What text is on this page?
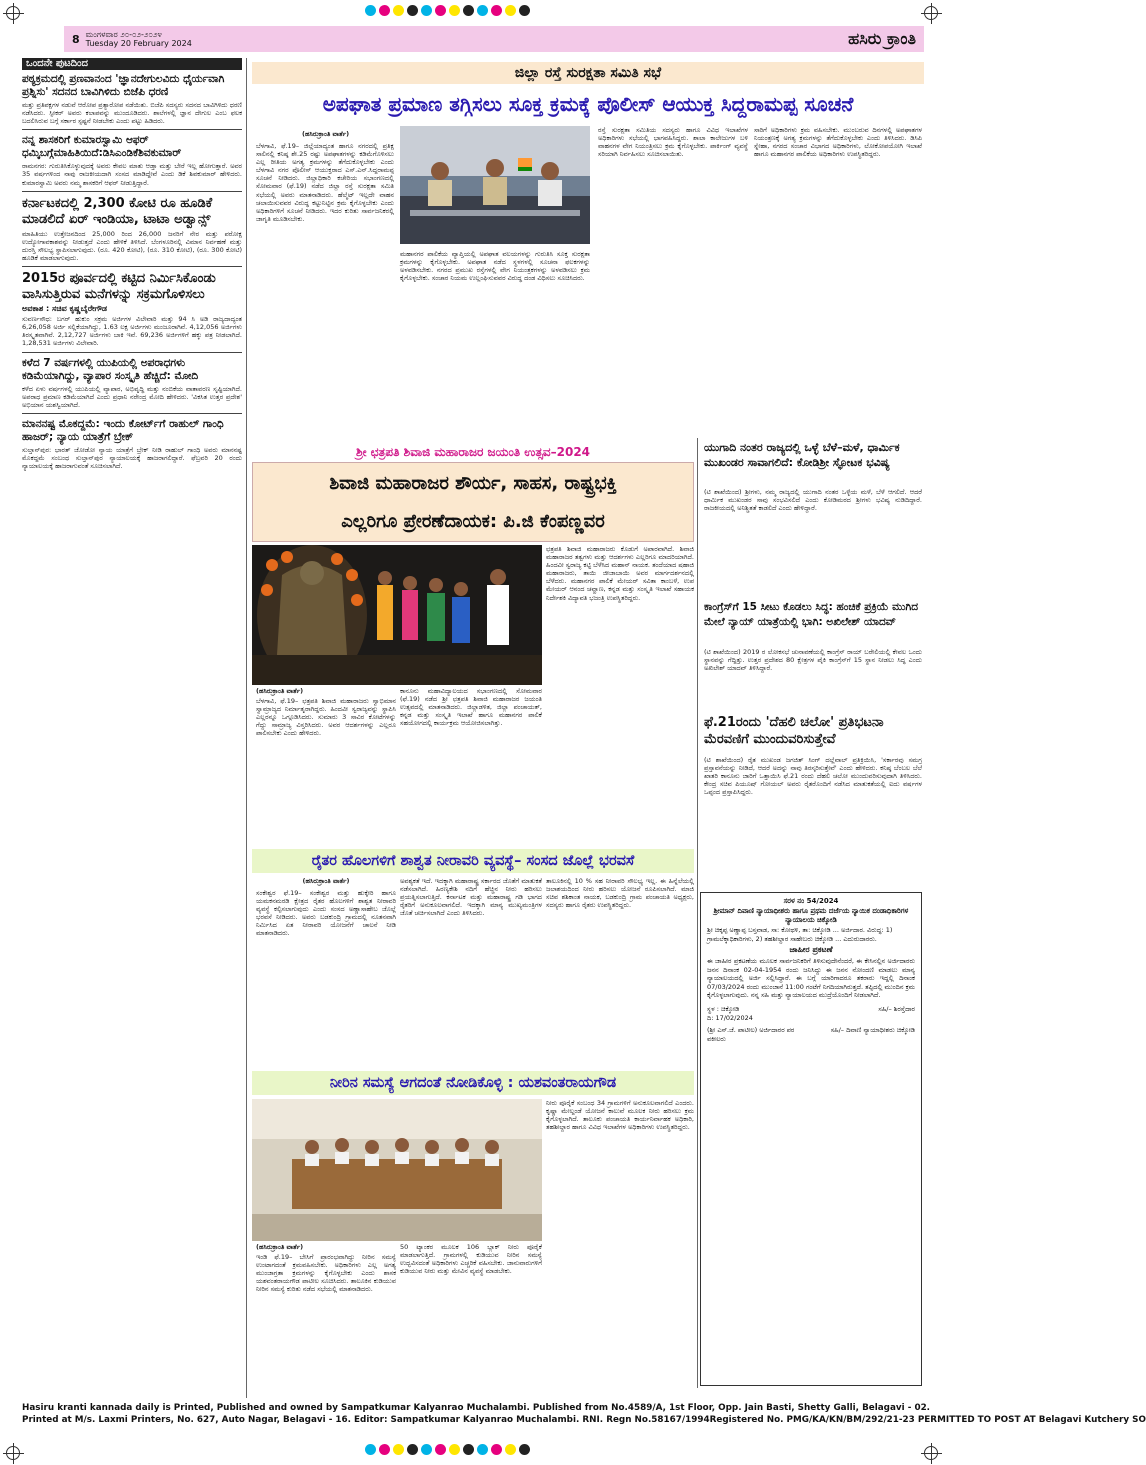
8 ಮಂಗಳವಾರ ೨೦-೦೨-೨೦೨೪
Tuesday 20 February 2024	ಹಸಿರು ಕ್ರಾಂತಿ
ಒಂದನೇ ಪುಟದಿಂದ
ಪಠ್ಯಕ್ರಮದಲ್ಲಿ ಪ್ರಣವಾನಂದ 'ಜ್ಞಾನದೇಗುಲವಿದು ಧೈರ್ಯವಾಗಿ ಪ್ರಶ್ನಿಸು' ಸದನದ ಬಾವಿಗಿಳಿದು ಬಿಜೆಪಿ ಧರಣಿ
ಮತ್ತು ಪ್ರತಿಪಕ್ಷಗಳ ನಡುವೆ ಆರೋಪ ಪ್ರತ್ಯಾರೋಪ ನಡೆಯಿತು. ಬಿಜೆಪಿ ಸದಸ್ಯರು ಸದನದ ಬಾವಿಗಿಳಿದು ಧರಣಿ ನಡೆಸಿದರು. ಸ್ಪೀಕರ್ ಅವರು ಕಲಾಪವನ್ನು ಮುಂದೂಡಿದರು. ಶಾಲೆಗಳಲ್ಲಿ ಜ್ಞಾನ ದೇಗುಲ ಎಂಬ ಫಲಕ ಬದಲಿಸಿರುವ ಬಗ್ಗೆ ಸರ್ಕಾರ ಸ್ಪಷ್ಟನೆ ನೀಡಬೇಕು ಎಂದು ಪಟ್ಟು ಹಿಡಿದರು.
ನನ್ನ ಶಾಸಕರಿಗೆ ಕುಮಾರಸ್ವಾಮಿ ಆಫರ್ ಧಮ್ಕಿಬಗ್ಗೆಮಾಹಿತಿಯಿದೆ:ಡಿಸಿಎಂಡಿಕೆಶಿವಕುಮಾರ್
ರಾಮನಗರ: ಗುರುತಿಸಿಕೊಳ್ಳುವುದಕ್ಕೆ ಅವರು ಕೇವಲ ಮಾತು ಆಡ್ತಾ ಮತ್ತು ಬೇರೆ ಇಲ್ಲ ಹೋಗುತ್ತಾರೆ. ಅವರ 35 ವರ್ಷಗಳಿಂದ ನಾವು ರಾಜಕೀಯದಾಗಿ ಸಂಸದ ಮಾಡಿದ್ದೇವೆ ಎಂದು ಡಿಕೆ ಶಿವಕುಮಾರ್ ಹೇಳಿದರು. ಕುಮಾರಸ್ವಾಮಿ ಅವರು ನಮ್ಮ ಶಾಸಕರಿಗೆ ಆಫರ್ ನೀಡುತ್ತಿದ್ದಾರೆ.
ಕರ್ನಾಟಕದಲ್ಲಿ 2,300 ಕೋಟಿ ರೂ ಹೂಡಿಕೆ ಮಾಡಲಿದೆ ಏರ್ ಇಂಡಿಯಾ, ಟಾಟಾ ಅಡ್ವಾನ್ಸ್
ಮಾಹಿತಿಯು ಉತ್ತೇಜನದಿಂದ 25,000 ರಿಂದ 26,000 ಜನರಿಗೆ ನೇರ ಮತ್ತು ಪರೋಕ್ಷ ಉದ್ಯೋಗಾವಕಾಶವನ್ನು ನೀಡುತ್ತದೆ ಎಂದು ಹೇಳಿಕೆ ತಿಳಿಸಿದೆ. ಬೆಂಗಳೂರಿನಲ್ಲಿ ವಿಮಾನ ನಿರ್ವಹಣೆ ಮತ್ತು ದುರಸ್ತಿ ಸೌಲಭ್ಯ ಸ್ಥಾಪಿಸಲಾಗುವುದು. (ರೂ. 420 ಕೋಟಿ), (ರೂ. 310 ಕೋಟಿ), (ರೂ. 300 ಕೋಟಿ) ಹೂಡಿಕೆ ಮಾಡಲಾಗುವುದು.
2015ರ ಪೂರ್ವದಲ್ಲಿ ಕಟ್ಟಿದ ನಿರ್ಮಿಸಿಕೊಂಡು ವಾಸಿಸುತ್ತಿರುವ ಮನೆಗಳನ್ನು ಸಕ್ರಮಗೊಳಿಸಲು
ಅವಕಾಶ : ಸಚಿವ ಕೃಷ್ಣಬೈರೇಗೌಡ
ಸುವರ್ಣಸೌಧ: ಬಗರ್ ಹುಕುಂ ಸಕ್ರಮ ಅರ್ಜಿಗಳ ವಿಲೇವಾರಿ ಮತ್ತು 94 ಸಿ ಅಡಿ ರಾಜ್ಯದಾದ್ಯಂತ 6,26,058 ಅರ್ಜಿ ಸಲ್ಲಿಕೆಯಾಗಿದ್ದು, 1.63 ಲಕ್ಷ ಅರ್ಜಿಗಳು ಮಂಜೂರಾಗಿವೆ. 4,12,056 ಅರ್ಜಿಗಳು ತಿರಸ್ಕೃತವಾಗಿವೆ. 2,12,727 ಅರ್ಜಿಗಳು ಬಾಕಿ ಇವೆ. 69,236 ಅರ್ಜಿಗಳಿಗೆ ಹಕ್ಕು ಪತ್ರ ನೀಡಲಾಗಿದೆ. 1,28,531 ಅರ್ಜಿಗಳು ವಿಲೇವಾರಿ.
ಕಳೆದ 7 ವರ್ಷಗಳಲ್ಲಿ ಯುಪಿಯಲ್ಲಿ ಅಪರಾಧಗಳು ಕಡಿಮೆಯಾಗಿದ್ದು, ವ್ಯಾಪಾರ ಸಂಸ್ಕೃತಿ ಹೆಚ್ಚಿದೆ: ಮೋದಿ
ಕಳೆದ ಏಳು ವರ್ಷಗಳಲ್ಲಿ ಯುಪಿಯಲ್ಲಿ ವ್ಯಾಪಾರ, ಅಭಿವೃದ್ಧಿ ಮತ್ತು ನಂಬಿಕೆಯ ವಾತಾವರಣ ಸೃಷ್ಟಿಯಾಗಿದೆ. ಅಪರಾಧ ಪ್ರಮಾಣ ಕಡಿಮೆಯಾಗಿದೆ ಎಂದು ಪ್ರಧಾನಿ ನರೇಂದ್ರ ಮೋದಿ ಹೇಳಿದರು. 'ವಿಕಸಿತ ಉತ್ತರ ಪ್ರದೇಶ' ಅಭಿಯಾನ ಯಶಸ್ವಿಯಾಗಿದೆ.
ಮಾನನಷ್ಟ ಮೊಕದ್ದಮೆ: ಇಂದು ಕೋರ್ಟ್‌ಗೆ ರಾಹುಲ್ ಗಾಂಧಿ ಹಾಜರ್; ನ್ಯಾಯ ಯಾತ್ರೆಗೆ ಬ್ರೇಕ್
ಸುಲ್ತಾನ್‌ಪುರ: ಭಾರತ್ ಜೋಡೋ ನ್ಯಾಯ ಯಾತ್ರೆಗೆ ಬ್ರೇಕ್ ನೀಡಿ ರಾಹುಲ್ ಗಾಂಧಿ ಅವರು ಮಾನನಷ್ಟ ಮೊಕದ್ದಮೆ ಸಂಬಂಧ ಸುಲ್ತಾನ್‌ಪುರ ನ್ಯಾಯಾಲಯಕ್ಕೆ ಹಾಜರಾಗಲಿದ್ದಾರೆ. ಫೆಬ್ರವರಿ 20 ರಂದು ನ್ಯಾಯಾಲಯಕ್ಕೆ ಹಾಜರಾಗುವಂತೆ ಸೂಚಿಸಲಾಗಿದೆ.
ಜಿಲ್ಲಾ ರಸ್ತೆ ಸುರಕ್ಷತಾ ಸಮಿತಿ ಸಭೆ
ಅಪಘಾತ ಪ್ರಮಾಣ ತಗ್ಗಿಸಲು ಸೂಕ್ತ ಕ್ರಮಕ್ಕೆ ಪೊಲೀಸ್ ಆಯುಕ್ತ ಸಿದ್ದರಾಮಪ್ಪ ಸೂಚನೆ
(ಹಸಿರುಕ್ರಾಂತಿ ವಾರ್ತೆ)
ಬೆಳಗಾವಿ, ಫೆ.19– ಜಿಲ್ಲೆಯಾದ್ಯಂತ ಹಾಗೂ ನಗರದಲ್ಲಿ ಪ್ರತಿಕ್ಷ ಸಾಲಿನಲ್ಲಿ ಕನಿಷ್ಠ ಶೇ.25 ರಷ್ಟು ಅಪಘಾತಗಳನ್ನು ಕಡಿಮೆಗೊಳಿಸಲು ಎಲ್ಲ ರೀತಿಯ ಅಗತ್ಯ ಕ್ರಮಗಳನ್ನು ತೆಗೆದುಕೊಳ್ಳಬೇಕು ಎಂದು ಬೆಳಗಾವಿ ನಗರ ಪೊಲೀಸ್ ಆಯುಕ್ತರಾದ ಎಸ್.ಎನ್.ಸಿದ್ದರಾಮಪ್ಪ ಸೂಚನೆ ನೀಡಿದರು. ಜಿಲ್ಲಾಧಿಕಾರಿ ಕಚೇರಿಯ ಸಭಾಂಗಣದಲ್ಲಿ ಸೋಮವಾರ (ಫೆ.19) ನಡೆದ ಜಿಲ್ಲಾ ರಸ್ತೆ ಸುರಕ್ಷತಾ ಸಮಿತಿ ಸಭೆಯಲ್ಲಿ ಅವರು ಮಾತನಾಡಿದರು. ಹೆಲ್ಮೆಟ್ ಇಲ್ಲದೇ ವಾಹನ ಚಲಾಯಿಸುವವರ ವಿರುದ್ಧ ಕಟ್ಟುನಿಟ್ಟಿನ ಕ್ರಮ ಕೈಗೊಳ್ಳಬೇಕು ಎಂದು ಅಧಿಕಾರಿಗಳಿಗೆ ಸೂಚನೆ ನೀಡಿದರು. ಇದರ ಕುರಿತು ಸಾರ್ವಜನಿಕರಲ್ಲಿ ಜಾಗೃತಿ ಮೂಡಿಸಬೇಕು.
ಮಹಾನಗರ ಪಾಲಿಕೆಯ ವ್ಯಾಪ್ತಿಯಲ್ಲಿ ಅಪಘಾತ ವಲಯಗಳನ್ನು ಗುರುತಿಸಿ ಸೂಕ್ತ ಸುರಕ್ಷತಾ ಕ್ರಮಗಳನ್ನು ಕೈಗೊಳ್ಳಬೇಕು. ಅಪಘಾತ ನಡೆದ ಸ್ಥಳಗಳಲ್ಲಿ ಸೂಚನಾ ಫಲಕಗಳನ್ನು ಅಳವಡಿಸಬೇಕು. ನಗರದ ಪ್ರಮುಖ ರಸ್ತೆಗಳಲ್ಲಿ ವೇಗ ನಿಯಂತ್ರಕಗಳನ್ನು ಅಳವಡಿಸಲು ಕ್ರಮ ಕೈಗೊಳ್ಳಬೇಕು. ಸಂಚಾರ ನಿಯಮ ಉಲ್ಲಂಘಿಸುವವರ ವಿರುದ್ಧ ದಂಡ ವಿಧಿಸಲು ಸೂಚಿಸಿದರು.
ರಸ್ತೆ ಸುರಕ್ಷತಾ ಸಮಿತಿಯ ಸದಸ್ಯರು ಹಾಗೂ ವಿವಿಧ ಇಲಾಖೆಗಳ ಅಧಿಕಾರಿಗಳು ಸಭೆಯಲ್ಲಿ ಭಾಗವಹಿಸಿದ್ದರು. ಶಾಲಾ ಕಾಲೇಜುಗಳ ಬಳಿ ವಾಹನಗಳ ವೇಗ ನಿಯಂತ್ರಿಸಲು ಕ್ರಮ ಕೈಗೊಳ್ಳಬೇಕು. ಪಾರ್ಕಿಂಗ್ ವ್ಯವಸ್ಥೆ ಸರಿಯಾಗಿ ನಿರ್ವಹಿಸಲು ಸೂಚಿಸಲಾಯಿತು.
ಸಾರಿಗೆ ಅಧಿಕಾರಿಗಳು ಕ್ರಮ ವಹಿಸಬೇಕು. ಮುಂಬರುವ ದಿನಗಳಲ್ಲಿ ಅಪಘಾತಗಳ ನಿಯಂತ್ರಣಕ್ಕೆ ಅಗತ್ಯ ಕ್ರಮಗಳನ್ನು ತೆಗೆದುಕೊಳ್ಳಬೇಕು ಎಂದು ತಿಳಿಸಿದರು. ಡಿಸಿಪಿ ಸ್ನೇಹಾ, ನಗರದ ಸಂಚಾರ ವಿಭಾಗದ ಅಧಿಕಾರಿಗಳು, ಲೋಕೋಪಯೋಗಿ ಇಲಾಖೆ ಹಾಗೂ ಮಹಾನಗರ ಪಾಲಿಕೆಯ ಅಧಿಕಾರಿಗಳು ಉಪಸ್ಥಿತರಿದ್ದರು.
ಶ್ರೀ ಛತ್ರಪತಿ ಶಿವಾಜಿ ಮಹಾರಾಜರ ಜಯಂತಿ ಉತ್ಸವ–2024
ಶಿವಾಜಿ ಮಹಾರಾಜರ ಶೌರ್ಯ, ಸಾಹಸ, ರಾಷ್ಟ್ರಭಕ್ತಿ
ಎಲ್ಲರಿಗೂ ಪ್ರೇರಣೆದಾಯಕ: ಪಿ.ಜಿ ಕೆಂಪಣ್ಣವರ
(ಹಸಿರುಕ್ರಾಂತಿ ವಾರ್ತೆ)
ಬೆಳಗಾವಿ, ಫೆ.19– ಛತ್ರಪತಿ ಶಿವಾಜಿ ಮಹಾರಾಜರು ಸ್ವಾಭಿಮಾನ ಸ್ವಾಮ್ರಾಜ್ಯದ ನಿರ್ಮಾತೃರಾಗಿದ್ದರು. ಹಿಂದವೀ ಸ್ವರಾಜ್ಯವನ್ನು ಸ್ಥಾಪಿಸಿ ಎಲ್ಲರನ್ನೂ ಒಗ್ಗೂಡಿಸಿದರು. ಸುಮಾರು 3 ಸಾವಿರ ಕೋಟೆಗಳನ್ನು ಗೆದ್ದು ಸಾಮ್ರಾಜ್ಯ ವಿಸ್ತರಿಸಿದರು. ಅವರ ಆದರ್ಶಗಳನ್ನು ಎಲ್ಲರೂ ಪಾಲಿಸಬೇಕು ಎಂದು ಹೇಳಿದರು.
ಕಾನೂನು ಮಹಾವಿದ್ಯಾಲಯದ ಸಭಾಂಗಣದಲ್ಲಿ ಸೋಮವಾರ (ಫೆ.19) ನಡೆದ ಶ್ರೀ ಛತ್ರಪತಿ ಶಿವಾಜಿ ಮಹಾರಾಜರ ಜಯಂತಿ ಉತ್ಸವದಲ್ಲಿ ಮಾತನಾಡಿದರು. ಜಿಲ್ಲಾಡಳಿತ, ಜಿಲ್ಲಾ ಪಂಚಾಯತ್, ಕನ್ನಡ ಮತ್ತು ಸಂಸ್ಕೃತಿ ಇಲಾಖೆ ಹಾಗೂ ಮಹಾನಗರ ಪಾಲಿಕೆ ಸಹಯೋಗದಲ್ಲಿ ಕಾರ್ಯಕ್ರಮ ಆಯೋಜಿಸಲಾಗಿತ್ತು.
ಛತ್ರಪತಿ ಶಿವಾಜಿ ಮಹಾರಾಜರು ಕೊಡುಗೆ ಅಪಾರವಾಗಿದೆ. ಶಿವಾಜಿ ಮಹಾರಾಜರ ತತ್ವಗಳು ಮತ್ತು ಆದರ್ಶಗಳು ಎಲ್ಲರಿಗೂ ಮಾದರಿಯಾಗಿದೆ. ಹಿಂದವೀ ಸ್ವರಾಜ್ಯ ಕಟ್ಟಿ ಬೆಳೆಸಿದ ಮಹಾನ್ ನಾಯಕ. ತಂದೆಯಾದ ಷಹಾಜಿ ಮಹಾರಾಜರು, ತಾಯಿ ಜೀಜಾಬಾಯಿ ಅವರ ಮಾರ್ಗದರ್ಶನದಲ್ಲಿ ಬೆಳೆದರು. ಮಹಾನಗರ ಪಾಲಿಕೆ ಮೇಯರ್ ಸವಿತಾ ಕಾಂಬಳೆ, ಉಪ ಮೇಯರ್ ಆನಂದ ಚವ್ಹಾಣ, ಕನ್ನಡ ಮತ್ತು ಸಂಸ್ಕೃತಿ ಇಲಾಖೆ ಸಹಾಯಕ ನಿರ್ದೇಶಕಿ ವಿದ್ಯಾವತಿ ಭಜಂತ್ರಿ ಉಪಸ್ಥಿತರಿದ್ದರು.
ರೈತರ ಹೊಲಗಳಿಗೆ ಶಾಶ್ವತ ನೀರಾವರಿ ವ್ಯವಸ್ಥೆ– ಸಂಸದ ಜೊಲ್ಲೆ ಭರವಸೆ
(ಹಸಿರುಕ್ರಾಂತಿ ವಾರ್ತೆ)
ಸಂಕೇಶ್ವರ ಫೆ.19– ಸಂಕೇಶ್ವರ ಮತ್ತು ಹುಕ್ಕೇರಿ ಹಾಗೂ ಯಮಕನಮರಡಿ ಕ್ಷೇತ್ರದ ರೈತರ ಹೊಲಗಳಿಗೆ ಶಾಶ್ವತ ನೀರಾವರಿ ವ್ಯವಸ್ಥೆ ಕಲ್ಪಿಸಲಾಗುವುದು ಎಂದು ಸಂಸದ ಅಣ್ಣಾಸಾಹೇಬ ಜೊಲ್ಲೆ ಭರವಸೆ ನೀಡಿದರು. ಅವರು ಬಡಕುಂದ್ರಿ ಗ್ರಾಮದಲ್ಲಿ ನೂತನವಾಗಿ ನಿರ್ಮಿಸಿದ ಏತ ನೀರಾವರಿ ಯೋಜನೆಗೆ ಚಾಲನೆ ನೀಡಿ ಮಾತನಾಡಿದರು.
ಅವಶ್ಯಕತೆ ಇದೆ. ಇದಕ್ಕಾಗಿ ಮಹಾರಾಷ್ಟ್ರ ಸರ್ಕಾರದ ಜೊತೆಗೆ ಮಾತುಕತೆ ನಡೆಸಲಾಗಿದೆ. ಹಿರಣ್ಯಕೇಶಿ ನದಿಗೆ ಹೆಚ್ಚಿನ ನೀರು ಹರಿಸಲು ಪ್ರಯತ್ನಿಸಲಾಗುತ್ತಿದೆ. ಕರ್ನಾಟಕ ಮತ್ತು ಮಹಾರಾಷ್ಟ್ರ ಗಡಿ ಭಾಗದ ರೈತರಿಗೆ ಅನುಕೂಲವಾಗಲಿದೆ. ಇದಕ್ಕಾಗಿ ಮಾನ್ಯ ಮುಖ್ಯಮಂತ್ರಿಗಳ ಜೊತೆ ಚರ್ಚಿಸಲಾಗಿದೆ ಎಂದು ತಿಳಿಸಿದರು.
ತಾಲೂಕಿನಲ್ಲಿ 10 % ಸಹ ನೀರಾವರಿ ಸೌಲಭ್ಯ ಇಲ್ಲ. ಈ ಹಿನ್ನೆಲೆಯಲ್ಲಿ ಜಲಾಶಯದಿಂದ ನೀರು ಹರಿಸಲು ಯೋಜನೆ ರೂಪಿಸಲಾಗಿದೆ. ಮಾಜಿ ಸಚಿವ ಶಶಿಕಾಂತ ನಾಯಕ, ಬಡಕುಂದ್ರಿ ಗ್ರಾಮ ಪಂಚಾಯತಿ ಅಧ್ಯಕ್ಷರು, ಸದಸ್ಯರು ಹಾಗೂ ರೈತರು ಉಪಸ್ಥಿತರಿದ್ದರು.
ನೀರಿನ ಸಮಸ್ಯೆ ಆಗದಂತೆ ನೋಡಿಕೊಳ್ಳಿ : ಯಶವಂತರಾಯಗೌಡ
(ಹಸಿರುಕ್ರಾಂತಿ ವಾರ್ತೆ)
ಇಂಡಿ ಫೆ.19– ಬೇಸಿಗೆ ಪ್ರಾರಂಭವಾಗಿದ್ದು ನೀರಿನ ಸಮಸ್ಯೆ ಉಂಟಾಗದಂತೆ ಕ್ರಮವಹಿಸಬೇಕು. ಅಧಿಕಾರಿಗಳು ಎಲ್ಲ ಅಗತ್ಯ ಮುಂಜಾಗ್ರತಾ ಕ್ರಮಗಳನ್ನು ಕೈಗೊಳ್ಳಬೇಕು ಎಂದು ಶಾಸಕ ಯಶವಂತರಾಯಗೌಡ ಪಾಟೀಲ ಸೂಚಿಸಿದರು. ತಾಲೂಕಿನ ಕುಡಿಯುವ ನೀರಿನ ಸಮಸ್ಯೆ ಕುರಿತು ನಡೆದ ಸಭೆಯಲ್ಲಿ ಮಾತನಾಡಿದರು.
50 ಟ್ಯಾಂಕರ ಮೂಲಕ 106 ಬ್ಲಾಕ್ ನೀರು ಪೂರೈಕೆ ಮಾಡಲಾಗುತ್ತಿದೆ. ಗ್ರಾಮಗಳಲ್ಲಿ ಕುಡಿಯುವ ನೀರಿನ ಸಮಸ್ಯೆ ಉದ್ಭವಿಸದಂತೆ ಅಧಿಕಾರಿಗಳು ಎಚ್ಚರಿಕೆ ವಹಿಸಬೇಕು. ಜಾನುವಾರುಗಳಿಗೆ ಕುಡಿಯುವ ನೀರು ಮತ್ತು ಮೇವಿನ ವ್ಯವಸ್ಥೆ ಮಾಡಬೇಕು.
ನೀರು ಪೂರೈಕೆ ಸಂಬಂಧ 34 ಗ್ರಾಮಗಳಿಗೆ ಅನುಕೂಲವಾಗಲಿದೆ ಎಂದರು. ಕೃಷ್ಣಾ ಮೇಲ್ದಂಡೆ ಯೋಜನೆ ಕಾಲುವೆ ಮೂಲಕ ನೀರು ಹರಿಸಲು ಕ್ರಮ ಕೈಗೊಳ್ಳಲಾಗಿದೆ. ತಾಲೂಕು ಪಂಚಾಯತಿ ಕಾರ್ಯನಿರ್ವಾಹಕ ಅಧಿಕಾರಿ, ತಹಶೀಲ್ದಾರ ಹಾಗೂ ವಿವಿಧ ಇಲಾಖೆಗಳ ಅಧಿಕಾರಿಗಳು ಉಪಸ್ಥಿತರಿದ್ದರು.
ಯುಗಾದಿ ನಂತರ ರಾಜ್ಯದಲ್ಲಿ ಒಳ್ಳೆ ಬೆಳೆ–ಮಳೆ, ಧಾರ್ಮಿಕ ಮುಖಂಡರ ಸಾವಾಗಲಿದೆ: ಕೋಡಿಶ್ರೀ ಸ್ಫೋಟಕ ಭವಿಷ್ಯ
(ಟಿ ಶಾಖೆಯಿಂದ) ಶ್ರೀಗಳು, ನಮ್ಮ ರಾಜ್ಯದಲ್ಲಿ ಯುಗಾದಿ ನಂತರ ಒಳ್ಳೆಯ ಮಳೆ, ಬೆಳೆ ಆಗಲಿದೆ. ಆದರೆ ಧಾರ್ಮಿಕ ಮುಖಂಡರ ಸಾವು ಸಂಭವಿಸಲಿದೆ ಎಂದು ಕೋಡಿಮಠದ ಶ್ರೀಗಳು ಭವಿಷ್ಯ ನುಡಿದಿದ್ದಾರೆ. ರಾಜಕೀಯದಲ್ಲಿ ಅನಿಶ್ಚಿತತೆ ಕಾಡಲಿದೆ ಎಂದು ಹೇಳಿದ್ದಾರೆ.
ಕಾಂಗ್ರೆಸ್‌ಗೆ 15 ಸೀಟು ಕೊಡಲು ಸಿದ್ಧ: ಹಂಚಿಕೆ ಪ್ರಕ್ರಿಯೆ ಮುಗಿದ ಮೇಲೆ ನ್ಯಾಯ್ ಯಾತ್ರೆಯಲ್ಲಿ ಭಾಗಿ: ಅಖಿಲೇಶ್ ಯಾದವ್
(ಟಿ ಶಾಖೆಯಿಂದ) 2019 ರ ಲೋಕಸಭೆ ಚುನಾವಣೆಯಲ್ಲಿ ಕಾಂಗ್ರೆಸ್ ರಾಯ್ ಬರೇಲಿಯಲ್ಲಿ ಕೇವಲ ಒಂದು ಸ್ಥಾನವನ್ನು ಗೆದ್ದಿತ್ತು. ಉತ್ತರ ಪ್ರದೇಶದ 80 ಕ್ಷೇತ್ರಗಳ ಪೈಕಿ ಕಾಂಗ್ರೆಸ್‌ಗೆ 15 ಸ್ಥಾನ ನೀಡಲು ಸಿದ್ಧ ಎಂದು ಅಖಿಲೇಶ್ ಯಾದವ್ ತಿಳಿಸಿದ್ದಾರೆ.
ಫೆ.21ರಂದು 'ದೆಹಲಿ ಚಲೋ' ಪ್ರತಿಭಟನಾ ಮೆರವಣಿಗೆ ಮುಂದುವರಿಸುತ್ತೇವೆ
(ಟಿ ಶಾಖೆಯಿಂದ) ರೈತ ಮುಖಂಡ ಜಗಜಿತ್ ಸಿಂಗ್ ದಲ್ಲೆವಾಲ್ ಪ್ರತಿಕ್ರಿಯಿಸಿ, 'ಸರ್ಕಾರವು ಸಮಗ್ರ ಪ್ರಸ್ತಾವನೆಯನ್ನು ನೀಡಿದೆ, ಆದರೆ ಅದನ್ನು ನಾವು ತಿರಸ್ಕರಿಸುತ್ತೇವೆ' ಎಂದು ಹೇಳಿದರು. ಕನಿಷ್ಠ ಬೆಂಬಲ ಬೆಲೆ ಖಾತರಿ ಕಾನೂನು ಜಾರಿಗೆ ಒತ್ತಾಯಿಸಿ ಫೆ.21 ರಂದು ದೆಹಲಿ ಚಲೋ ಮುಂದುವರಿಸುವುದಾಗಿ ತಿಳಿಸಿದರು. ಕೇಂದ್ರ ಸಚಿವ ಪಿಯೂಷ್ ಗೋಯಲ್ ಅವರು ರೈತರೊಂದಿಗೆ ನಡೆಸಿದ ಮಾತುಕತೆಯಲ್ಲಿ ಐದು ವರ್ಷಗಳ ಒಪ್ಪಂದ ಪ್ರಸ್ತಾಪಿಸಿದ್ದರು.
ಸರಳ ನಂ 54/2024
ಶ್ರೀಮಾನ್ ದಿವಾಣಿ ನ್ಯಾಯಾಧೀಶರು ಹಾಗೂ ಪ್ರಥಮ ದರ್ಜೆಯ ನ್ಯಾಯಿಕ ದಂಡಾಧಿಕಾರಿಗಳ ನ್ಯಾಯಾಲಯ ಚಿಕ್ಕೋಡಿ
ಶ್ರೀ ಚಿಕ್ಕಪ್ಪ ಅಣ್ಣಾಪ್ಪ ಬಸ್ತವಾಡ, ಸಾ: ಕೋಥಳಿ, ತಾ: ಚಿಕ್ಕೋಡಿ ... ಅರ್ಜಿದಾರ. ವಿರುದ್ಧ: 1) ಗ್ರಾಮಲೆಕ್ಕಾಧಿಕಾರಿಗಳು, 2) ತಹಶೀಲ್ದಾರ ಸಾಹೇಬರು ಚಿಕ್ಕೋಡಿ ... ಎದುರುದಾರರು.
ಜಾಹೀರ ಪ್ರಕಟಣೆ
ಈ ಜಾಹೀರ ಪ್ರಕಟಣೆಯ ಮೂಲಕ ಸಾರ್ವಜನಿಕರಿಗೆ ತಿಳಿಸುವುದೇನೆಂದರೆ, ಈ ಕೇಸಿನಲ್ಲಿನ ಅರ್ಜಿದಾರರು ಜನನ ದಿನಾಂಕ 02-04-1954 ರಂದು ಜನಿಸಿದ್ದು ಈ ಜನನ ನೋಂದಣಿ ಮಾಡಲು ಮಾನ್ಯ ನ್ಯಾಯಾಲಯದಲ್ಲಿ ಅರ್ಜಿ ಸಲ್ಲಿಸಿದ್ದಾರೆ. ಈ ಬಗ್ಗೆ ಯಾರಿಗಾದರೂ ತಕರಾರು ಇದ್ದಲ್ಲಿ ದಿನಾಂಕ 07/03/2024 ರಂದು ಮುಂಜಾನೆ 11:00 ಗಂಟೆಗೆ ನಿಗದಿಯಾಗಿರುತ್ತದೆ. ತಪ್ಪಿದಲ್ಲಿ ಮುಂದಿನ ಕ್ರಮ ಕೈಗೊಳ್ಳಲಾಗುವುದು. ನನ್ನ ಸಹಿ ಮತ್ತು ನ್ಯಾಯಾಲಯದ ಮುದ್ರೆಯೊಂದಿಗೆ ನೀಡಲಾಗಿದೆ.
ಸ್ಥಳ : ಚಿಕ್ಕೋಡಿ
ದಿ: 17/02/2024
ಸಹಿ/– ಶಿರಸ್ತೆದಾರ
(ಶ್ರೀ ಎಸ್.ಜೆ. ಪಾಟೀಲ) ಅರ್ಜಿದಾರರ ಪರ ವಕೀಲರು
ಸಹಿ/– ದಿವಾಣಿ ನ್ಯಾಯಾಧೀಶರು ಚಿಕ್ಕೋಡಿ
Hasiru kranti kannada daily is Printed, Published and owned by Sampatkumar Kalyanrao Muchalambi. Published from No.4589/A, 1st Floor, Opp. Jain Basti, Shetty Galli, Belagavi - 02.
Printed at M/s. Laxmi Printers, No. 627, Auto Nagar, Belagavi - 16. Editor: Sampatkumar Kalyanrao Muchalambi. RNI. Regn No.58167/1994 Registered No. PMG/KA/KN/BM/292/21-23 PERMITTED TO POST AT Belagavi Kutchery SO
